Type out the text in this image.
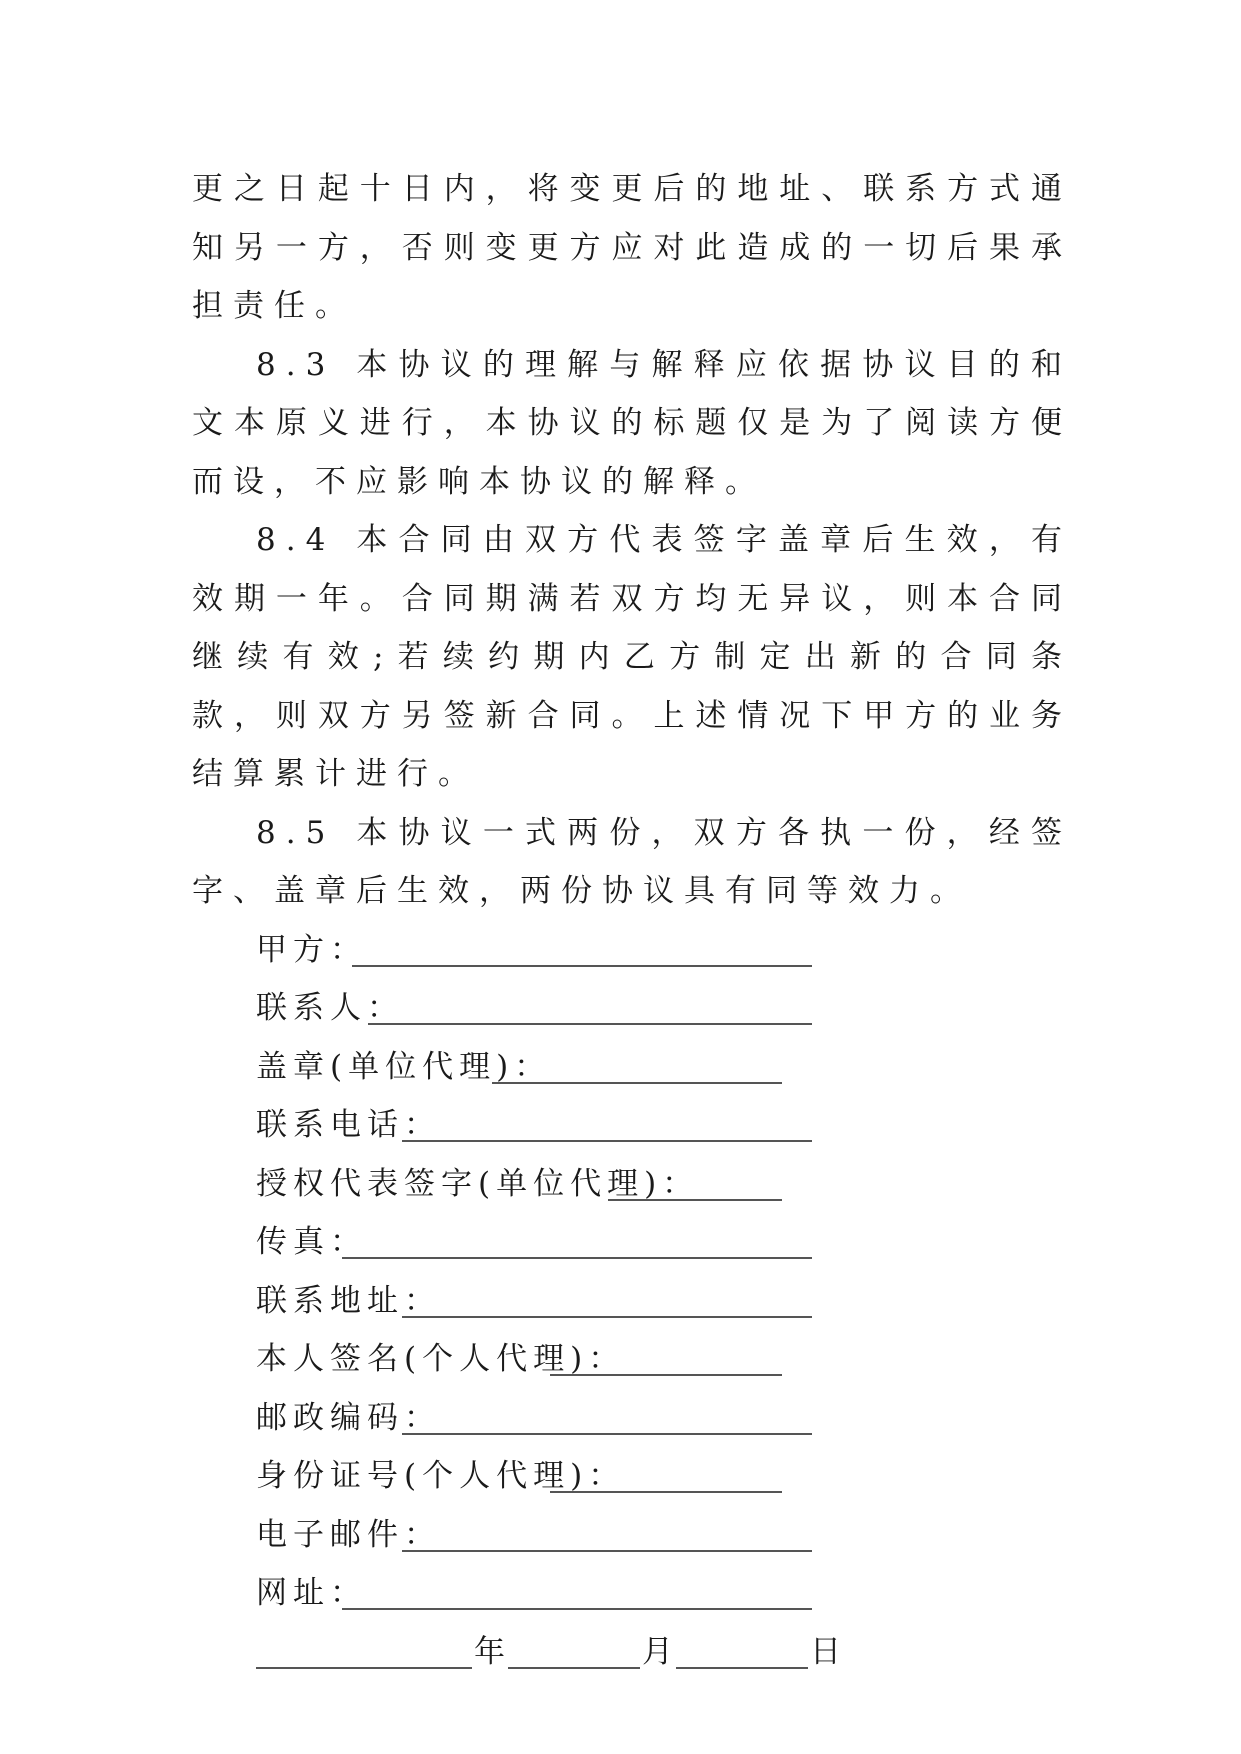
更之日起十日内，将变更后的地址、联系方式通知另一方，否则变更方应对此造成的一切后果承担责任。

8.3 本协议的理解与解释应依据协议目的和文本原义进行，本协议的标题仅是为了阅读方便而设，不应影响本协议的解释。

8.4 本合同由双方代表签字盖章后生效，有效期一年。合同期满若双方均无异议，则本合同继续有效;若续约期内乙方制定出新的合同条款，则双方另签新合同。上述情况下甲方的业务结算累计进行。

8.5 本协议一式两份，双方各执一份，经签字、盖章后生效，两份协议具有同等效力。

甲方：
联系人：
盖章(单位代理)：
联系电话：
授权代表签字(单位代理)：
传真：
联系地址：
本人签名(个人代理)：
邮政编码：
身份证号(个人代理)：
电子邮件：
网址：
年	月	日
